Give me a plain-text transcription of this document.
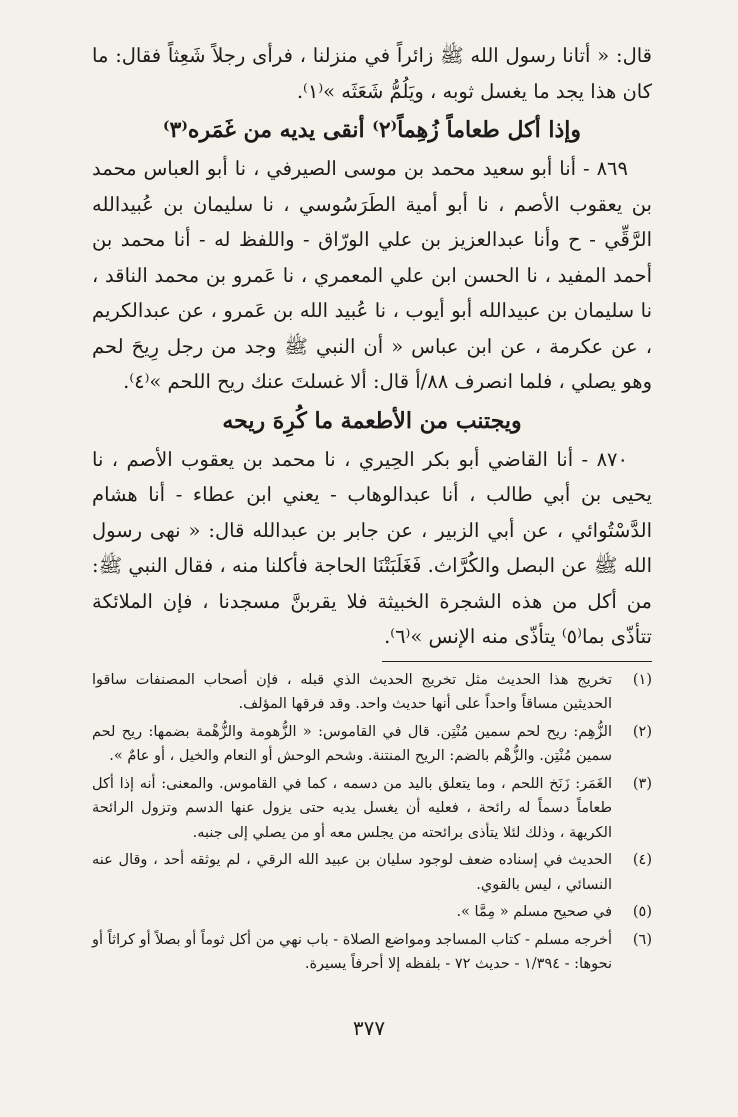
قال: « أتانا رسول الله ﷺ زائراً في منزلنا ، فرأى رجلاً شَعِثاً فقال: ما كان هذا يجد ما يغسل ثوبه ، ويَلُمُّ شَعَثَه »⁽١⁾.

وإذا أكل طعاماً زُهِماً⁽٢⁾ أنقى يديه من غَمَره⁽٣⁾

٨٦٩ - أنا أبو سعيد محمد بن موسى الصيرفي ، نا أبو العباس محمد بن يعقوب الأصم ، نا أبو أمية الطَرَسُوسي ، نا سليمان بن عُبيدالله الرَّقِّي - ح وأنا عبدالعزيز بن علي الورّاق - واللفظ له - أنا محمد بن أحمد المفيد ، نا الحسن ابن علي المعمري ، نا عَمرو بن محمد الناقد ، نا سليمان بن عبيدالله أبو أيوب ، نا عُبيد الله بن عَمرو ، عن عبدالكريم ، عن عكرمة ، عن ابن عباس « أن النبي ﷺ وجد من رجل رِيحَ لحم وهو يصلي ، فلما انصرف ٨٨/أ قال: ألا غسلتَ عنك ريح اللحم »⁽٤⁾.

ويجتنب من الأطعمة ما كُرِهَ ريحه

٨٧٠ - أنا القاضي أبو بكر الحِيري ، نا محمد بن يعقوب الأصم ، نا يحيى بن أبي طالب ، أنا عبدالوهاب - يعني ابن عطاء - أنا هشام الدَّسْتُوائي ، عن أبي الزبير ، عن جابر بن عبدالله قال: « نهى رسول الله ﷺ عن البصل والكُرَّاث. فَغَلَبَتْنَا الحاجة فأكلنا منه ، فقال النبي ﷺ: من أكل من هذه الشجرة الخبيثة فلا يقربنَّ مسجدنا ، فإن الملائكة تتأذّى بما⁽٥⁾ يتأذّى منه الإنس »⁽٦⁾.

(١)
تخريج هذا الحديث مثل تخريج الحديث الذي قبله ، فإن أصحاب المصنفات ساقوا الحديثين مساقاً واحداً على أنها حديث واحد. وقد فرقها المؤلف.
(٢)
الزُّهِم: ريح لحم سمين مُنْتِن. قال في القاموس: « الزُّهومة والزُّهْمة بضمها: ريح لحم سمين مُنْتِن. والزُّهْم بالضم: الريح المنتنة. وشحم الوحش أو النعام والخيل ، أو عامٌ ».
(٣)
الغَمَر: زَنَخ اللحم ، وما يتعلق باليد من دسمه ، كما في القاموس. والمعنى: أنه إذا أكل طعاماً دسماً له رائحة ، فعليه أن يغسل يديه حتى يزول عنها الدسم وتزول الرائحة الكريهة ، وذلك لئلا يتأذى برائحته من يجلس معه أو من يصلي إلى جنبه.
(٤)
الحديث في إسناده ضعف لوجود سليان بن عبيد الله الرقي ، لم يوثقه أحد ، وقال عنه النسائي ، ليس بالقوي.
(٥)
في صحيح مسلم « مِمَّا ».
(٦)
أخرجه مسلم - كتاب المساجد ومواضع الصلاة - باب نهي من أكل ثوماً أو بصلاً أو كراثاً أو نحوها: - ١/٣٩٤ - حديث ٧٢ - بلفظه إلا أحرفاً يسيرة.
٣٧٧
